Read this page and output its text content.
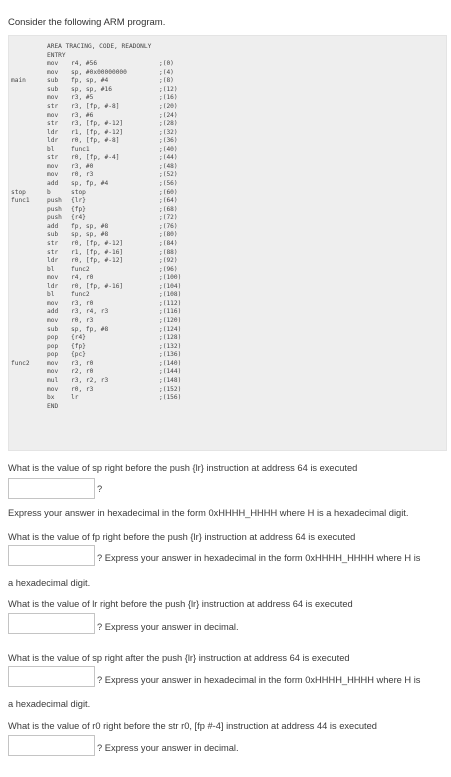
Consider the following ARM program.
AREA TRACING, CODE, READONLY
ENTRY
mov r4, #56	;(0)
mov sp, #0x00000000	;(4)
main	sub fp, sp, #4	;(8)
sub sp, sp, #16	;(12)
mov r3, #5	;(16)
str r3, [fp, #-8]	;(20)
mov r3, #6	;(24)
str r3, [fp, #-12]	;(28)
ldr r1, [fp, #-12]	;(32)
ldr r0, [fp, #-8]	;(36)
bl	func1	;(40)
str r0, [fp, #-4]	;(44)
mov r3, #0	;(48)
mov r0, r3	;(52)
add sp, fp, #4	;(56)
stop	b	stop	;(60)
func1	push {lr}	;(64)
push {fp}	;(68)
push {r4}	;(72)
add fp, sp, #8	;(76)
sub sp, sp, #8	;(80)
str r0, [fp, #-12]	;(84)
str r1, [fp, #-16]	;(88)
ldr r0, [fp, #-12]	;(92)
bl	func2	;(96)
mov r4, r0	;(100)
ldr r0, [fp, #-16]	;(104)
bl	func2	;(108)
mov r3, r0	;(112)
add r3, r4, r3	;(116)
mov r0, r3	;(120)
sub sp, fp, #8	;(124)
pop {r4}	;(128)
pop {fp}	;(132)
pop {pc}	;(136)
func2	mov r3, r0	;(140)
mov r2, r0	;(144)
mul r3, r2, r3	;(148)
mov r0, r3	;(152)
bx	lr	;(156)
END
What is the value of sp right before the push {lr} instruction at address 64 is executed
?
Express your answer in hexadecimal in the form 0xHHHH_HHHH where H is a hexadecimal digit.
What is the value of fp right before the push {lr} instruction at address 64 is executed
? Express your answer in hexadecimal in the form 0xHHHH_HHHH where H is
a hexadecimal digit.
What is the value of lr right before the push {lr} instruction at address 64 is executed
? Express your answer in decimal.
What is the value of sp right after the push {lr} instruction at address 64 is executed
? Express your answer in hexadecimal in the form 0xHHHH_HHHH where H is
a hexadecimal digit.
What is the value of r0 right before the str r0, [fp #-4] instruction at address 44 is executed
? Express your answer in decimal.
